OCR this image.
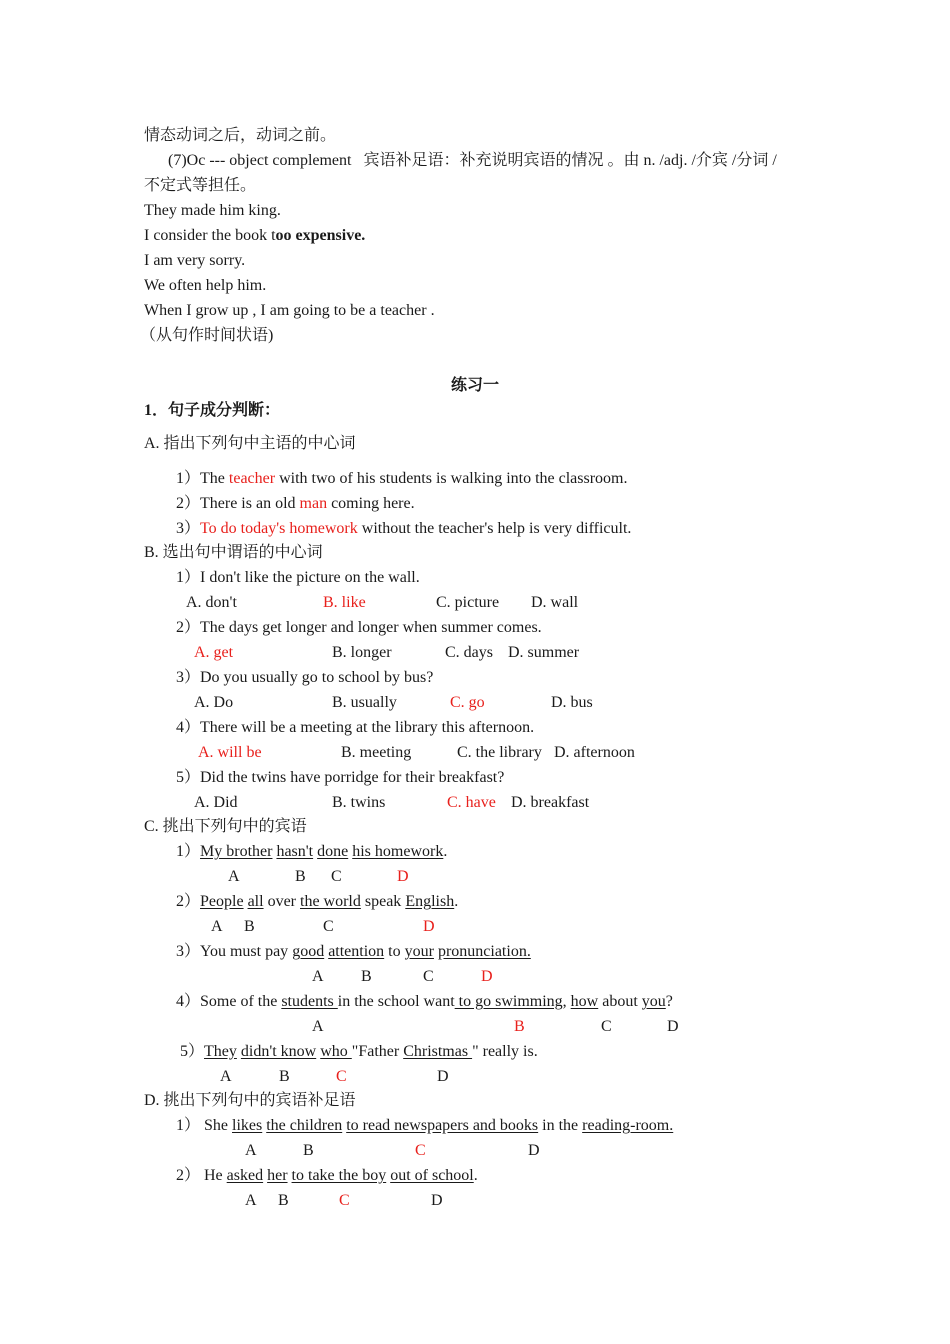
情态动词之后，动词之前。
(7)Oc --- object complement   宾语补足语：补充说明宾语的情况 。由 n. /adj. /介宾 /分词 /
不定式等担任。
They made him king.
I consider the book too expensive.
I am very sorry.
We often help him.
When I grow up , I am going to be a teacher .
（从句作时间状语)
练习一
1．句子成分判断：
A. 指出下列句中主语的中心词
1）The teacher with two of his students is walking into the classroom.
2）There is an old man coming here.
3）To do today's homework without the teacher's help is very difficult.
B. 选出句中谓语的中心词
1）I don't like the picture on the wall.
A. don't	B. like	C. picture D. wall
2）The days get longer and longer when summer comes.
A. get	B. longer	C. days D. summer
3）Do you usually go to school by bus?
A. Do	B. usually	C. go	D. bus
4）There will be a meeting at the library this afternoon.
A. will be	B. meeting	C. the library D. afternoon
5）Did the twins have porridge for their breakfast?
A. Did	B. twins	C. have D. breakfast
C. 挑出下列句中的宾语
1）My brother hasn't done his homework.
A	B C	D
2）People all over the world speak English.
A B	C	D
3）You must pay good attention to your pronunciation.
A B	C	D
4）Some of the students in the school want to go swimming, how about you?
A	B	C	D
5）They didn't know who "Father Christmas " really is.
A	B	C	D
D. 挑出下列句中的宾语补足语
1） She likes the children to read newspapers and books in the reading-room.
A	B	C	D
2） He asked her to take the boy out of school.
A B	C	D
